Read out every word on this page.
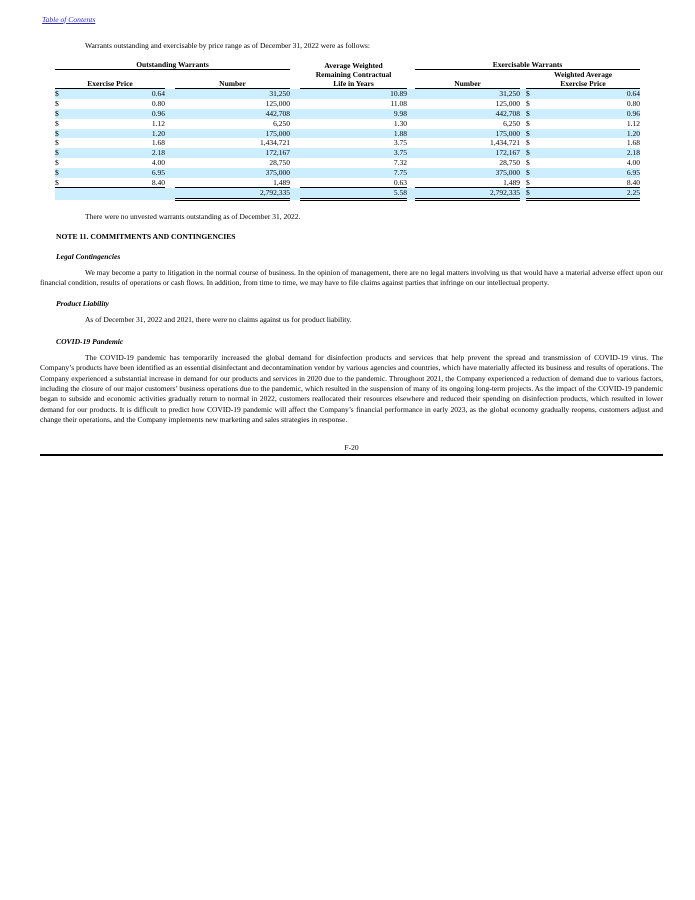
Table of Contents
Warrants outstanding and exercisable by price range as of December 31, 2022 were as follows:
Outstanding Warrants					Average Weighted
Remaining Contractual
Life in Years		Exercisable Warrants			
Exercise Price			Number				Number		Weighted Average
Exercise Price	
$	0.64		31,250		10.89		31,250		$	0.64
$	0.80		125,000		11.08		125,000		$	0.80
$	0.96		442,708		9.98		442,708		$	0.96
$	1.12		6,250		1.30		6,250		$	1.12
$	1.20		175,000		1.88		175,000		$	1.20
$	1.68		1,434,721		3.75		1,434,721		$	1.68
$	2.18		172,167		3.75		172,167		$	2.18
$	4.00		28,750		7.32		28,750		$	4.00
$	6.95		375,000		7.75		375,000		$	6.95
$	8.40		1,489		0.63		1,489		$	8.40
			2,792,335		5.58		2,792,335		$	2.25

There were no unvested warrants outstanding as of December 31, 2022.

NOTE 11. COMMITMENTS AND CONTINGENCIES
Legal Contingencies

We may become a party to litigation in the normal course of business. In the opinion of management, there are no legal matters involving us that would have a material adverse effect upon our financial condition, results of operations or cash flows. In addition, from time to time, we may have to file claims against parties that infringe on our intellectual property.

Product Liability

As of December 31, 2022 and 2021, there were no claims against us for product liability.

COVID-19 Pandemic

The COVID-19 pandemic has temporarily increased the global demand for disinfection products and services that help prevent the spread and transmission of COVID-19 virus. The Company’s products have been identified as an essential disinfectant and decontamination vendor by various agencies and countries, which have materially affected its business and results of operations. The Company experienced a substantial increase in demand for our products and services in 2020 due to the pandemic. Throughout 2021, the Company experienced a reduction of demand due to various factors, including the closure of our major customers’ business operations due to the pandemic, which resulted in the suspension of many of its ongoing long-term projects. As the impact of the COVID-19 pandemic began to subside and economic activities gradually return to normal in 2022, customers reallocated their resources elsewhere and reduced their spending on disinfection products, which resulted in lower demand for our products. It is difficult to predict how COVID-19 pandemic will affect the Company’s financial performance in early 2023, as the global economy gradually reopens, customers adjust and change their operations, and the Company implements new marketing and sales strategies in response.

F-20
